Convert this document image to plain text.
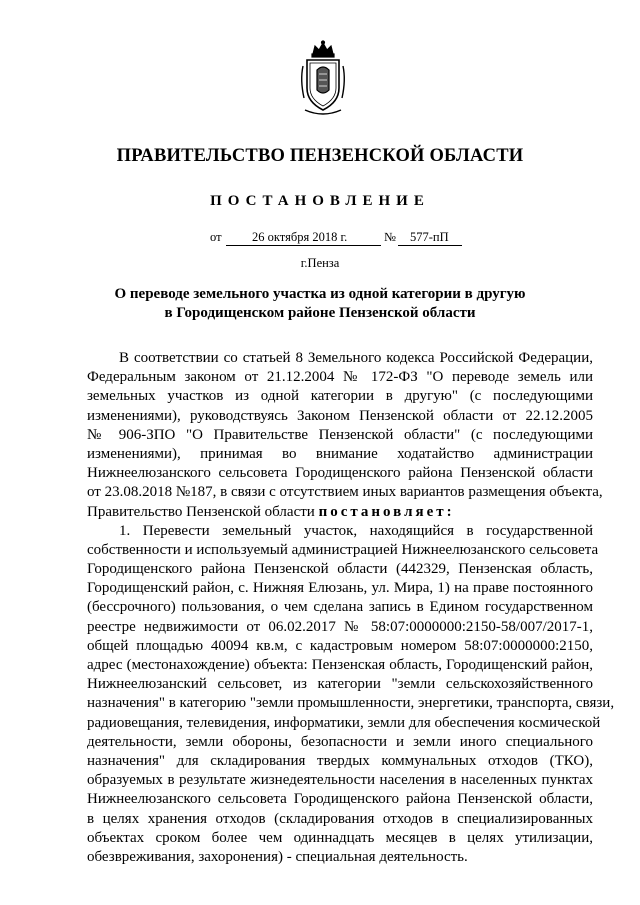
ПРАВИТЕЛЬСТВО ПЕНЗЕНСКОЙ ОБЛАСТИ
ПОСТАНОВЛЕНИЕ
от 26 октября 2018 г.	№ 577-пП
г.Пенза
О переводе земельного участка из одной категории в другую
в Городищенском районе Пензенской области
В соответствии со статьей 8 Земельного кодекса Российской Федерации,
Федеральным законом от 21.12.2004 № 172-ФЗ "О переводе земель или
земельных участков из одной категории в другую" (с последующими
изменениями), руководствуясь Законом Пензенской области от 22.12.2005
№ 906-ЗПО "О Правительстве Пензенской области" (с последующими
изменениями), принимая во внимание ходатайство администрации
Нижнеелюзанского сельсовета Городищенского района Пензенской области
от 23.08.2018 №187, в связи с отсутствием иных вариантов размещения объекта,
Правительство Пензенской области постановляет:
1. Перевести земельный участок, находящийся в государственной
собственности и используемый администрацией Нижнеелюзанского сельсовета
Городищенского района Пензенской области (442329, Пензенская область,
Городищенский район, с. Нижняя Елюзань, ул. Мира, 1) на праве постоянного
(бессрочного) пользования, о чем сделана запись в Едином государственном
реестре недвижимости от 06.02.2017 № 58:07:0000000:2150-58/007/2017-1,
общей площадью 40094 кв.м, с кадастровым номером 58:07:0000000:2150,
адрес (местонахождение) объекта: Пензенская область, Городищенский район,
Нижнеелюзанский сельсовет, из категории "земли сельскохозяйственного
назначения" в категорию "земли промышленности, энергетики, транспорта, связи,
радиовещания, телевидения, информатики, земли для обеспечения космической
деятельности, земли обороны, безопасности и земли иного специального
назначения" для складирования твердых коммунальных отходов (ТКО),
образуемых в результате жизнедеятельности населения в населенных пунктах
Нижнеелюзанского сельсовета Городищенского района Пензенской области,
в целях хранения отходов (складирования отходов в специализированных
объектах сроком более чем одиннадцать месяцев в целях утилизации,
обезвреживания, захоронения) - специальная деятельность.
